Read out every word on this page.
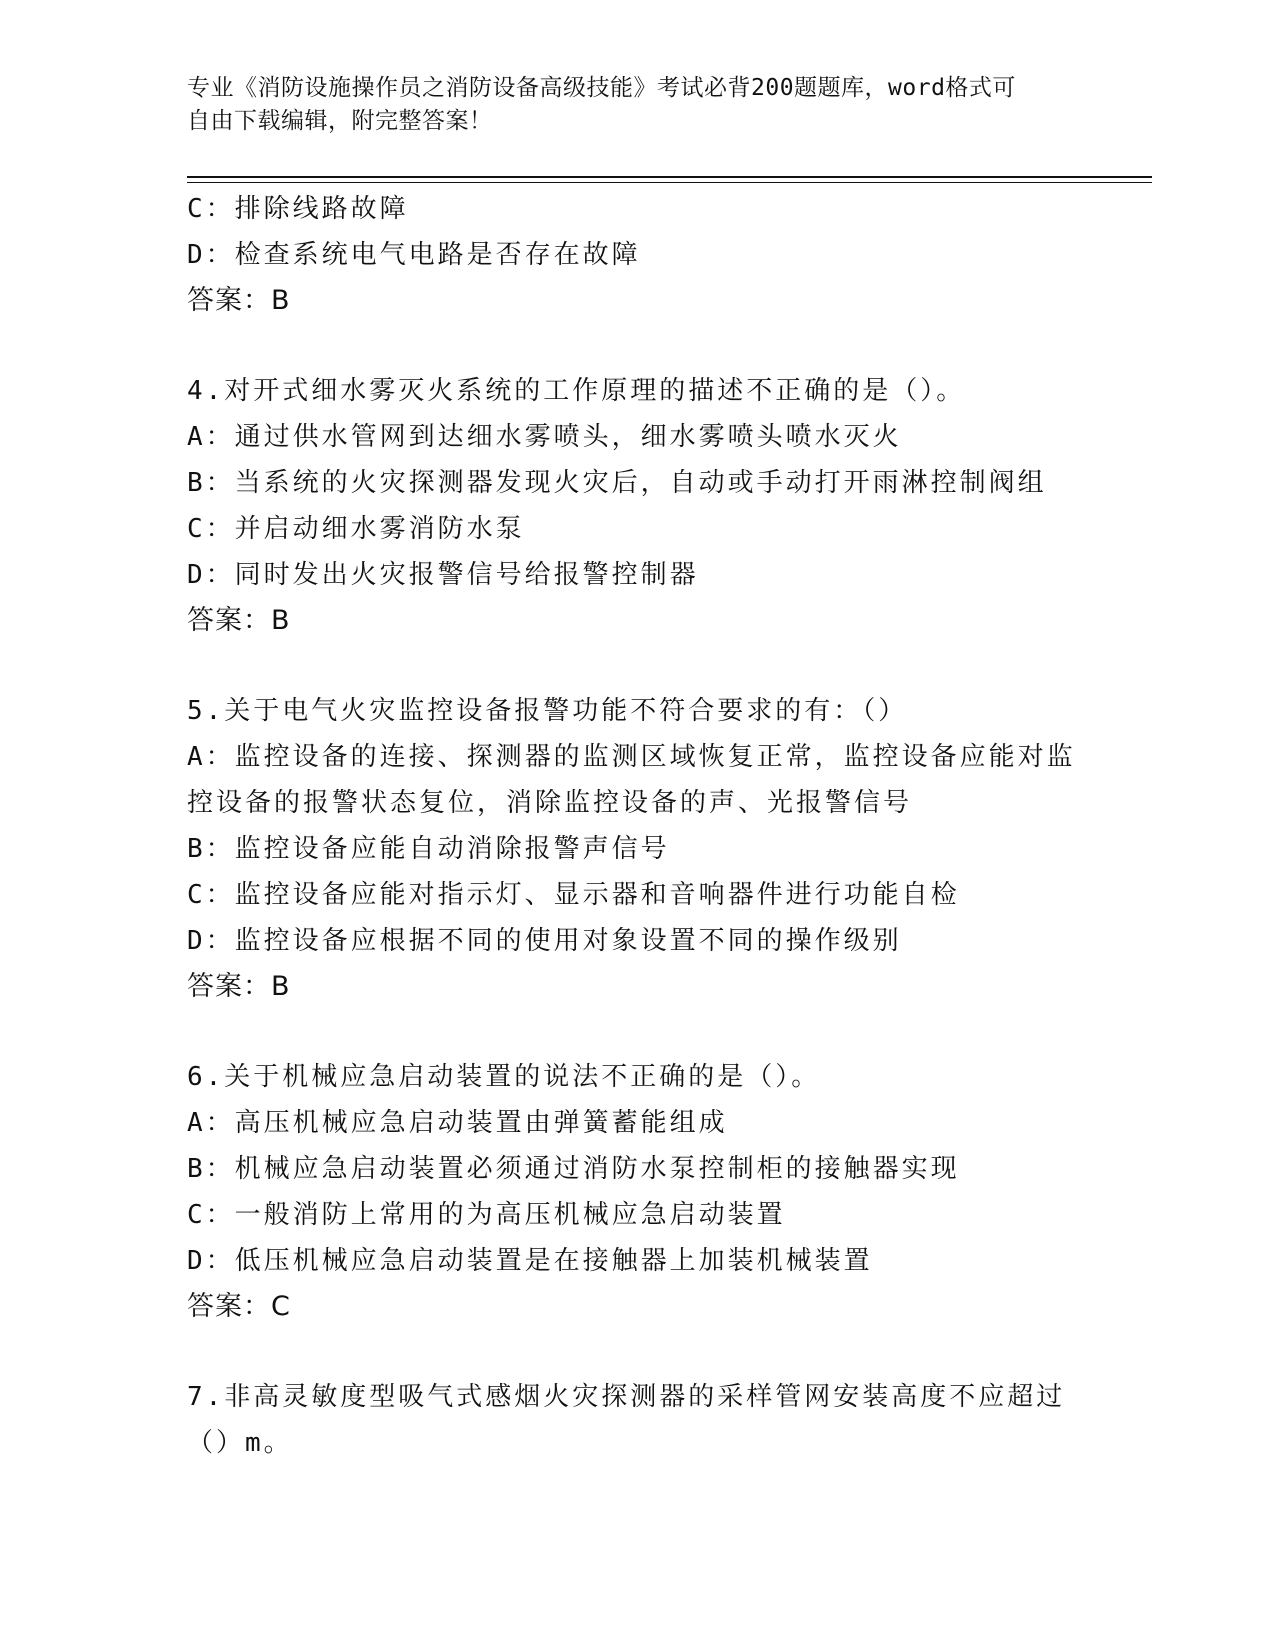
专业《消防设施操作员之消防设备高级技能》考试必背200题题库，word格式可
自由下载编辑，附完整答案！
C：排除线路故障
D：检查系统电气电路是否存在故障
答案：B
4.对开式细水雾灭火系统的工作原理的描述不正确的是（）。
A：通过供水管网到达细水雾喷头，细水雾喷头喷水灭火
B：当系统的火灾探测器发现火灾后，自动或手动打开雨淋控制阀组
C：并启动细水雾消防水泵
D：同时发出火灾报警信号给报警控制器
答案：B
5.关于电气火灾监控设备报警功能不符合要求的有：（）
A：监控设备的连接、探测器的监测区域恢复正常，监控设备应能对监
控设备的报警状态复位，消除监控设备的声、光报警信号
B：监控设备应能自动消除报警声信号
C：监控设备应能对指示灯、显示器和音响器件进行功能自检
D：监控设备应根据不同的使用对象设置不同的操作级别
答案：B
6.关于机械应急启动装置的说法不正确的是（）。
A：高压机械应急启动装置由弹簧蓄能组成
B：机械应急启动装置必须通过消防水泵控制柜的接触器实现
C：一般消防上常用的为高压机械应急启动装置
D：低压机械应急启动装置是在接触器上加装机械装置
答案：C
7.非高灵敏度型吸气式感烟火灾探测器的采样管网安装高度不应超过
（）m。
